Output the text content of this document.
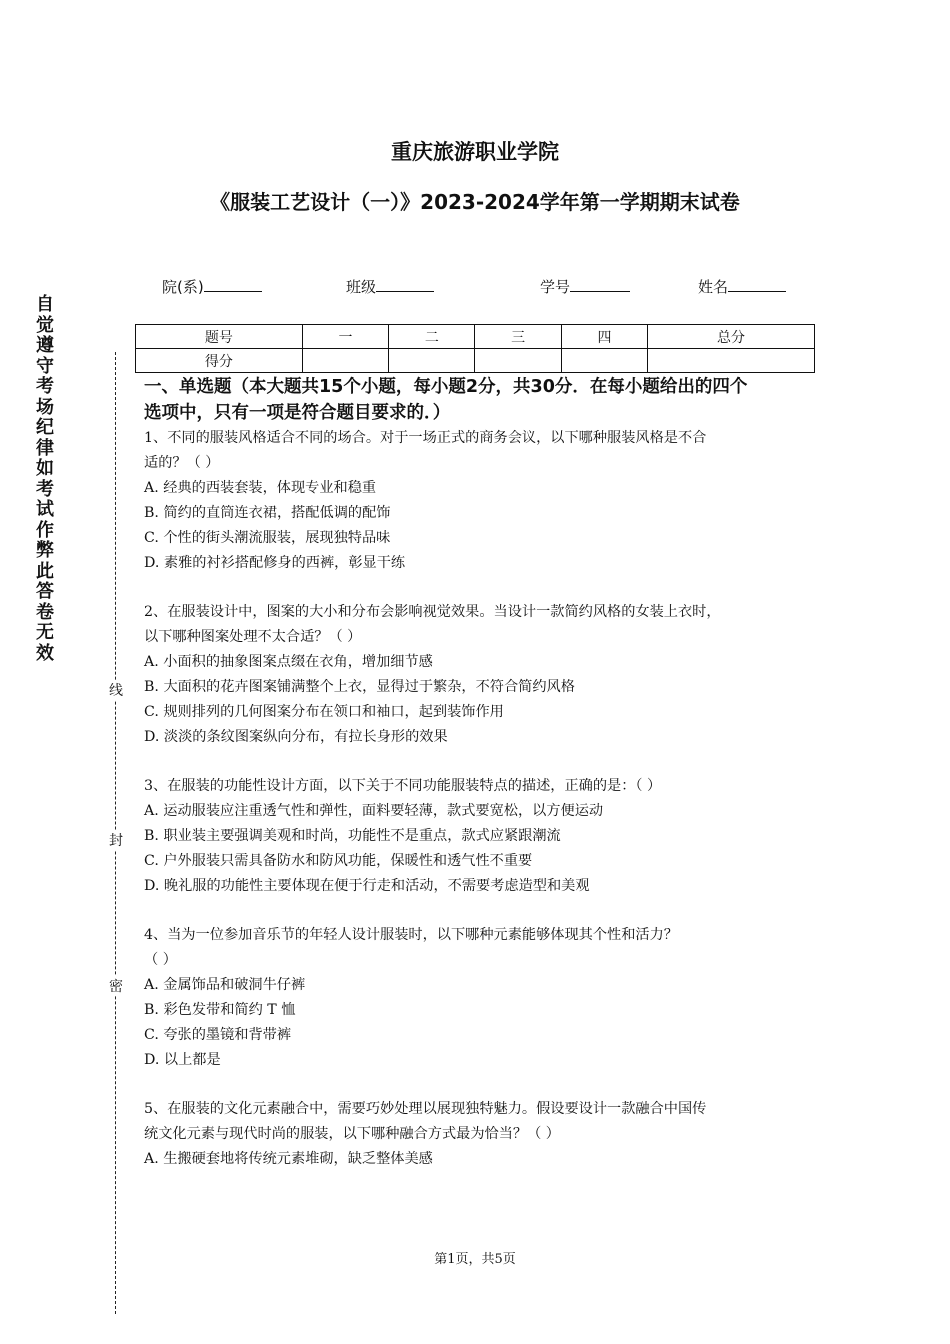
自觉遵守考场纪律如考试作弊此答卷无效
线
封
密
重庆旅游职业学院
《服装工艺设计（一）》2023-2024学年第一学期期末试卷
院(系)	班级	学号	姓名
题号	一	二	三	四	总分
得分					

一、单选题（本大题共15个小题，每小题2分，共30分．在每小题给出的四个

选项中，只有一项是符合题目要求的．）

1、不同的服装风格适合不同的场合。对于一场正式的商务会议，以下哪种服装风格是不合

适的？（ ）

A. 经典的西装套装，体现专业和稳重

B. 简约的直筒连衣裙，搭配低调的配饰

C. 个性的街头潮流服装，展现独特品味

D. 素雅的衬衫搭配修身的西裤，彰显干练

2、在服装设计中，图案的大小和分布会影响视觉效果。当设计一款简约风格的女装上衣时，

以下哪种图案处理不太合适？（ ）

A. 小面积的抽象图案点缀在衣角，增加细节感

B. 大面积的花卉图案铺满整个上衣，显得过于繁杂，不符合简约风格

C. 规则排列的几何图案分布在领口和袖口，起到装饰作用

D. 淡淡的条纹图案纵向分布，有拉长身形的效果

3、在服装的功能性设计方面，以下关于不同功能服装特点的描述，正确的是：（ ）

A. 运动服装应注重透气性和弹性，面料要轻薄，款式要宽松，以方便运动

B. 职业装主要强调美观和时尚，功能性不是重点，款式应紧跟潮流

C. 户外服装只需具备防水和防风功能，保暖性和透气性不重要

D. 晚礼服的功能性主要体现在便于行走和活动，不需要考虑造型和美观

4、当为一位参加音乐节的年轻人设计服装时，以下哪种元素能够体现其个性和活力？

（ ）

A. 金属饰品和破洞牛仔裤

B. 彩色发带和简约 T 恤

C. 夸张的墨镜和背带裤

D. 以上都是

5、在服装的文化元素融合中，需要巧妙处理以展现独特魅力。假设要设计一款融合中国传

统文化元素与现代时尚的服装，以下哪种融合方式最为恰当？（ ）

A. 生搬硬套地将传统元素堆砌，缺乏整体美感

第1页，共5页
